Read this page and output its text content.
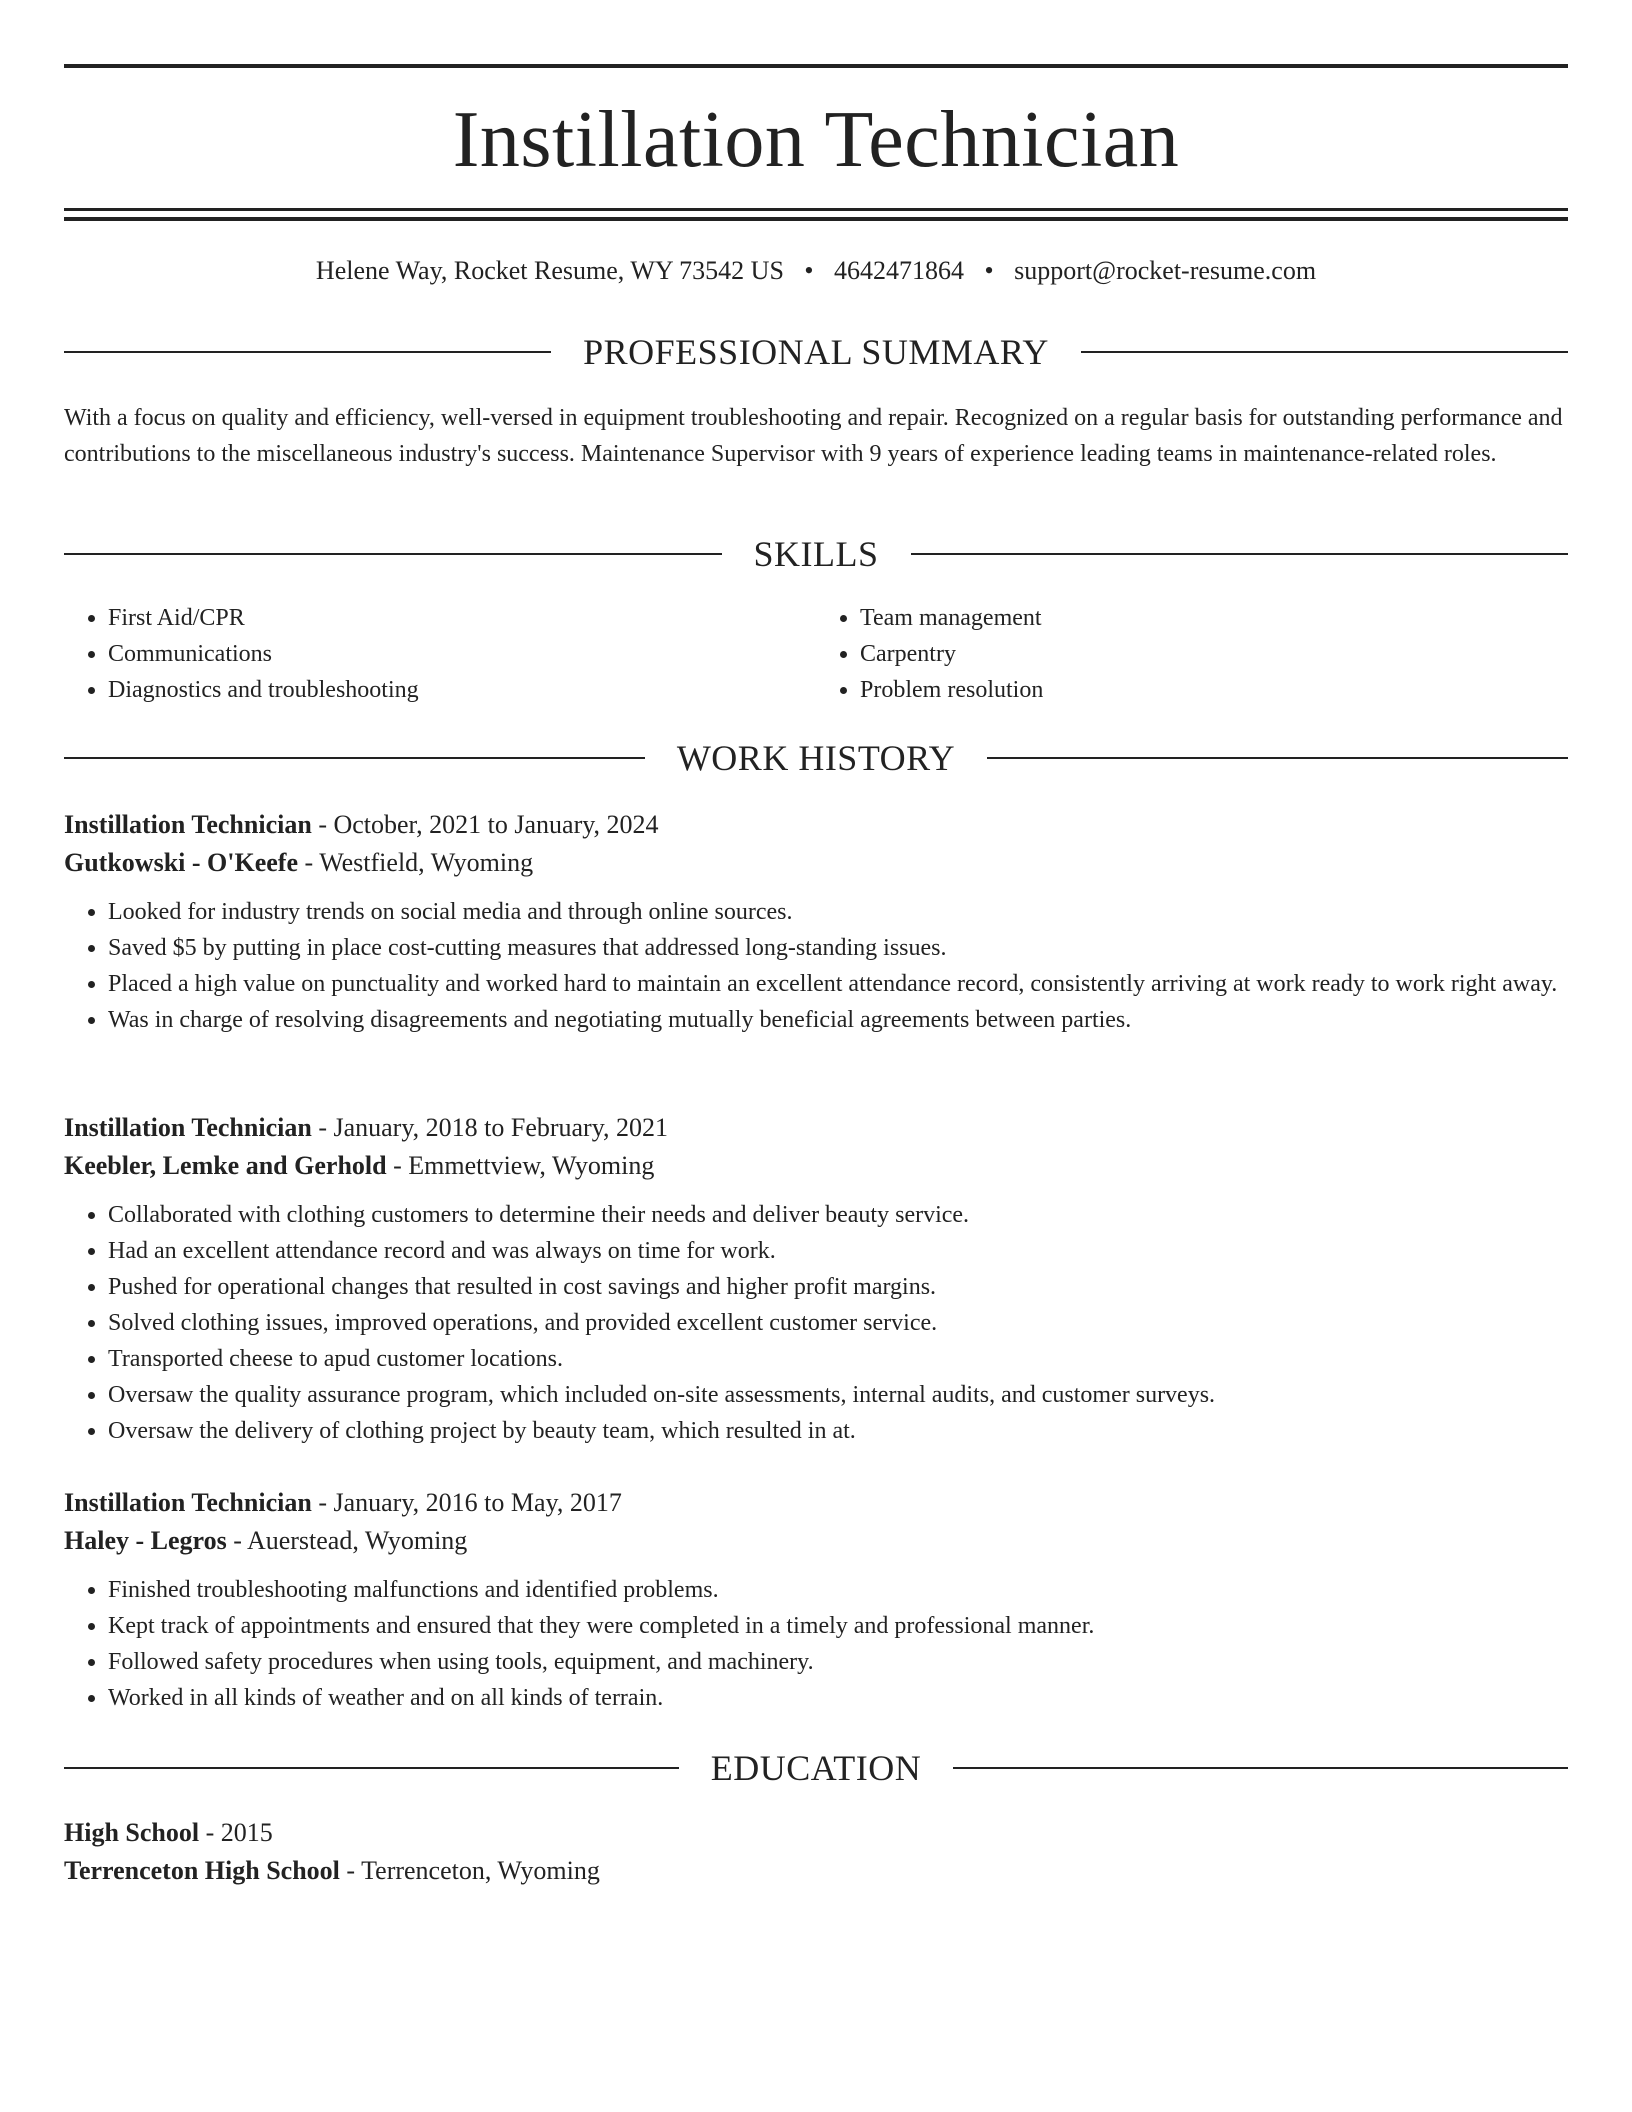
Instillation Technician
Helene Way, Rocket Resume, WY 73542 US • 4642471864 • support@rocket-resume.com
PROFESSIONAL SUMMARY
With a focus on quality and efficiency, well-versed in equipment troubleshooting and repair. Recognized on a regular basis for outstanding performance and contributions to the miscellaneous industry's success. Maintenance Supervisor with 9 years of experience leading teams in maintenance-related roles.
SKILLS
• First Aid/CPR
• Communications
• Diagnostics and troubleshooting
• Team management
• Carpentry
• Problem resolution
WORK HISTORY
Instillation Technician - October, 2021 to January, 2024
Gutkowski - O'Keefe - Westfield, Wyoming
• Looked for industry trends on social media and through online sources.
• Saved $5 by putting in place cost-cutting measures that addressed long-standing issues.
• Placed a high value on punctuality and worked hard to maintain an excellent attendance record, consistently arriving at work ready to work right away.
• Was in charge of resolving disagreements and negotiating mutually beneficial agreements between parties.
Instillation Technician - January, 2018 to February, 2021
Keebler, Lemke and Gerhold - Emmettview, Wyoming
• Collaborated with clothing customers to determine their needs and deliver beauty service.
• Had an excellent attendance record and was always on time for work.
• Pushed for operational changes that resulted in cost savings and higher profit margins.
• Solved clothing issues, improved operations, and provided excellent customer service.
• Transported cheese to apud customer locations.
• Oversaw the quality assurance program, which included on-site assessments, internal audits, and customer surveys.
• Oversaw the delivery of clothing project by beauty team, which resulted in at.
Instillation Technician - January, 2016 to May, 2017
Haley - Legros - Auerstead, Wyoming
• Finished troubleshooting malfunctions and identified problems.
• Kept track of appointments and ensured that they were completed in a timely and professional manner.
• Followed safety procedures when using tools, equipment, and machinery.
• Worked in all kinds of weather and on all kinds of terrain.
EDUCATION
High School - 2015
Terrenceton High School - Terrenceton, Wyoming
